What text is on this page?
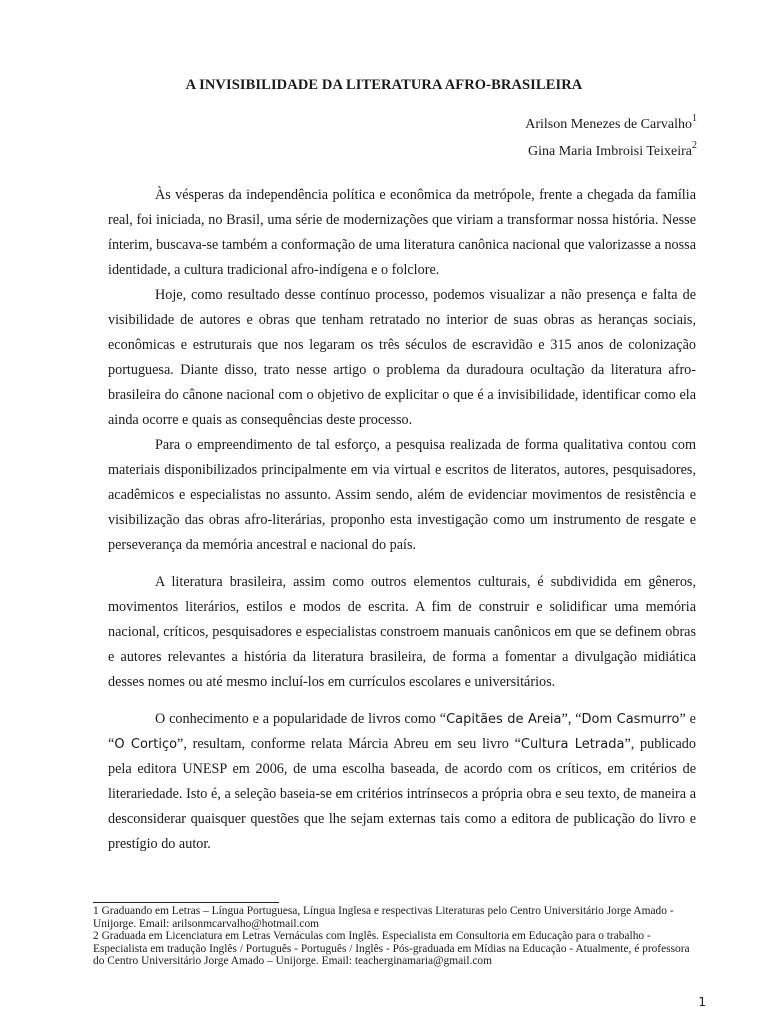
A INVISIBILIDADE DA LITERATURA AFRO-BRASILEIRA
Arilson Menezes de Carvalho$^1$
Gina Maria Imbroisi Teixeira$^2$

Às vésperas da independência política e econômica da metrópole, frente a chegada da família real, foi iniciada, no Brasil, uma série de modernizações que viriam a transformar nossa história. Nesse ínterim, buscava-se também a conformação de uma literatura canônica nacional que valorizasse a nossa identidade, a cultura tradicional afro-indígena e o folclore.

Hoje, como resultado desse contínuo processo, podemos visualizar a não presença e falta de visibilidade de autores e obras que tenham retratado no interior de suas obras as heranças sociais, econômicas e estruturais que nos legaram os três séculos de escravidão e 315 anos de colonização portuguesa. Diante disso, trato nesse artigo o problema da duradoura ocultação da literatura afro-brasileira do cânone nacional com o objetivo de explicitar o que é a invisibilidade, identificar como ela ainda ocorre e quais as consequências deste processo.

Para o empreendimento de tal esforço, a pesquisa realizada de forma qualitativa contou com materiais disponibilizados principalmente em via virtual e escritos de literatos, autores, pesquisadores, acadêmicos e especialistas no assunto. Assim sendo, além de evidenciar movimentos de resistência e visibilização das obras afro-literárias, proponho esta investigação como um instrumento de resgate e perseverança da memória ancestral e nacional do país.

A literatura brasileira, assim como outros elementos culturais, é subdividida em gêneros, movimentos literários, estilos e modos de escrita. A fim de construir e solidificar uma memória nacional, críticos, pesquisadores e especialistas constroem manuais canônicos em que se definem obras e autores relevantes a história da literatura brasileira, de forma a fomentar a divulgação midiática desses nomes ou até mesmo incluí-los em currículos escolares e universitários.

O conhecimento e a popularidade de livros como “Capitães de Areia”, “Dom Casmurro” e “O Cortiço”, resultam, conforme relata Márcia Abreu em seu livro “Cultura Letrada”, publicado pela editora UNESP em 2006, de uma escolha baseada, de acordo com os críticos, em critérios de literariedade. Isto é, a seleção baseia-se em critérios intrínsecos a própria obra e seu texto, de maneira a desconsiderar quaisquer questões que lhe sejam externas tais como a editora de publicação do livro e prestígio do autor.

1 Graduando em Letras – Língua Portuguesa, Língua Inglesa e respectivas Literaturas pelo Centro Universitário Jorge Amado - Unijorge. Email: arilsonmcarvalho@hotmail.com
2 Graduada em Licenciatura em Letras Vernáculas com Inglês. Especialista em Consultoria em Educação para o trabalho - Especialista em tradução Inglês / Português - Português / Inglês - Pós-graduada em Mídias na Educação - Atualmente, é professora do Centro Universitário Jorge Amado – Unijorge. Email: teachergina​maria@gmail.com
1
